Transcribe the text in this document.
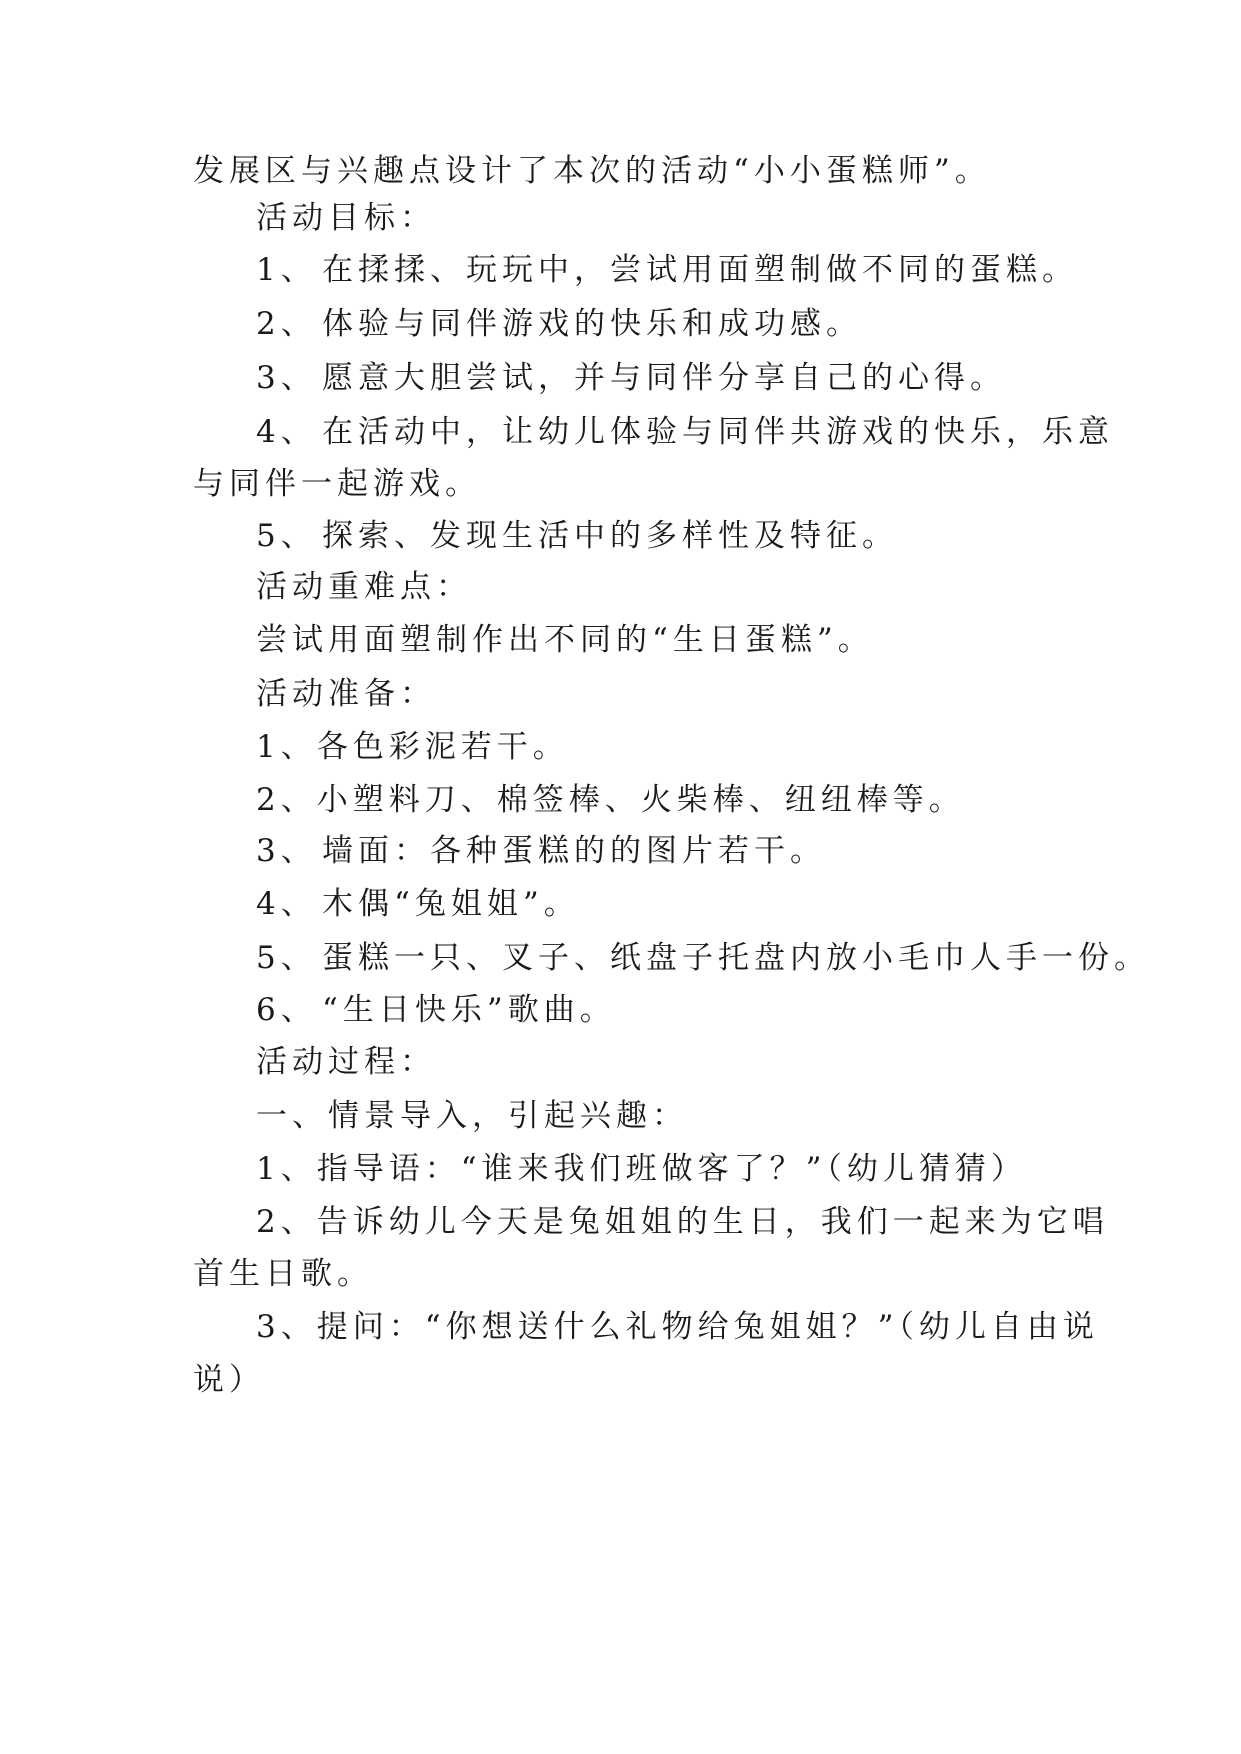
发展区与兴趣点设计了本次的活动“小小蛋糕师”。
活动目标：
1、 在揉揉、玩玩中，尝试用面塑制做不同的蛋糕。
2、 体验与同伴游戏的快乐和成功感。
3、 愿意大胆尝试，并与同伴分享自己的心得。
4、 在活动中，让幼儿体验与同伴共游戏的快乐，乐意
与同伴一起游戏。
5、 探索、发现生活中的多样性及特征。
活动重难点：
尝试用面塑制作出不同的“生日蛋糕”。
活动准备：
1、各色彩泥若干。
2、小塑料刀、棉签棒、火柴棒、纽纽棒等。
3、 墙面：各种蛋糕的的图片若干。
4、 木偶“兔姐姐”。
5、 蛋糕一只、叉子、纸盘子托盘内放小毛巾人手一份。
6、 “生日快乐”歌曲。
活动过程：
一、情景导入，引起兴趣：
1、指导语：“谁来我们班做客了？”（幼儿猜猜）
2、告诉幼儿今天是兔姐姐的生日，我们一起来为它唱
首生日歌。
3、提问：“你想送什么礼物给兔姐姐？”（幼儿自由说
说）
